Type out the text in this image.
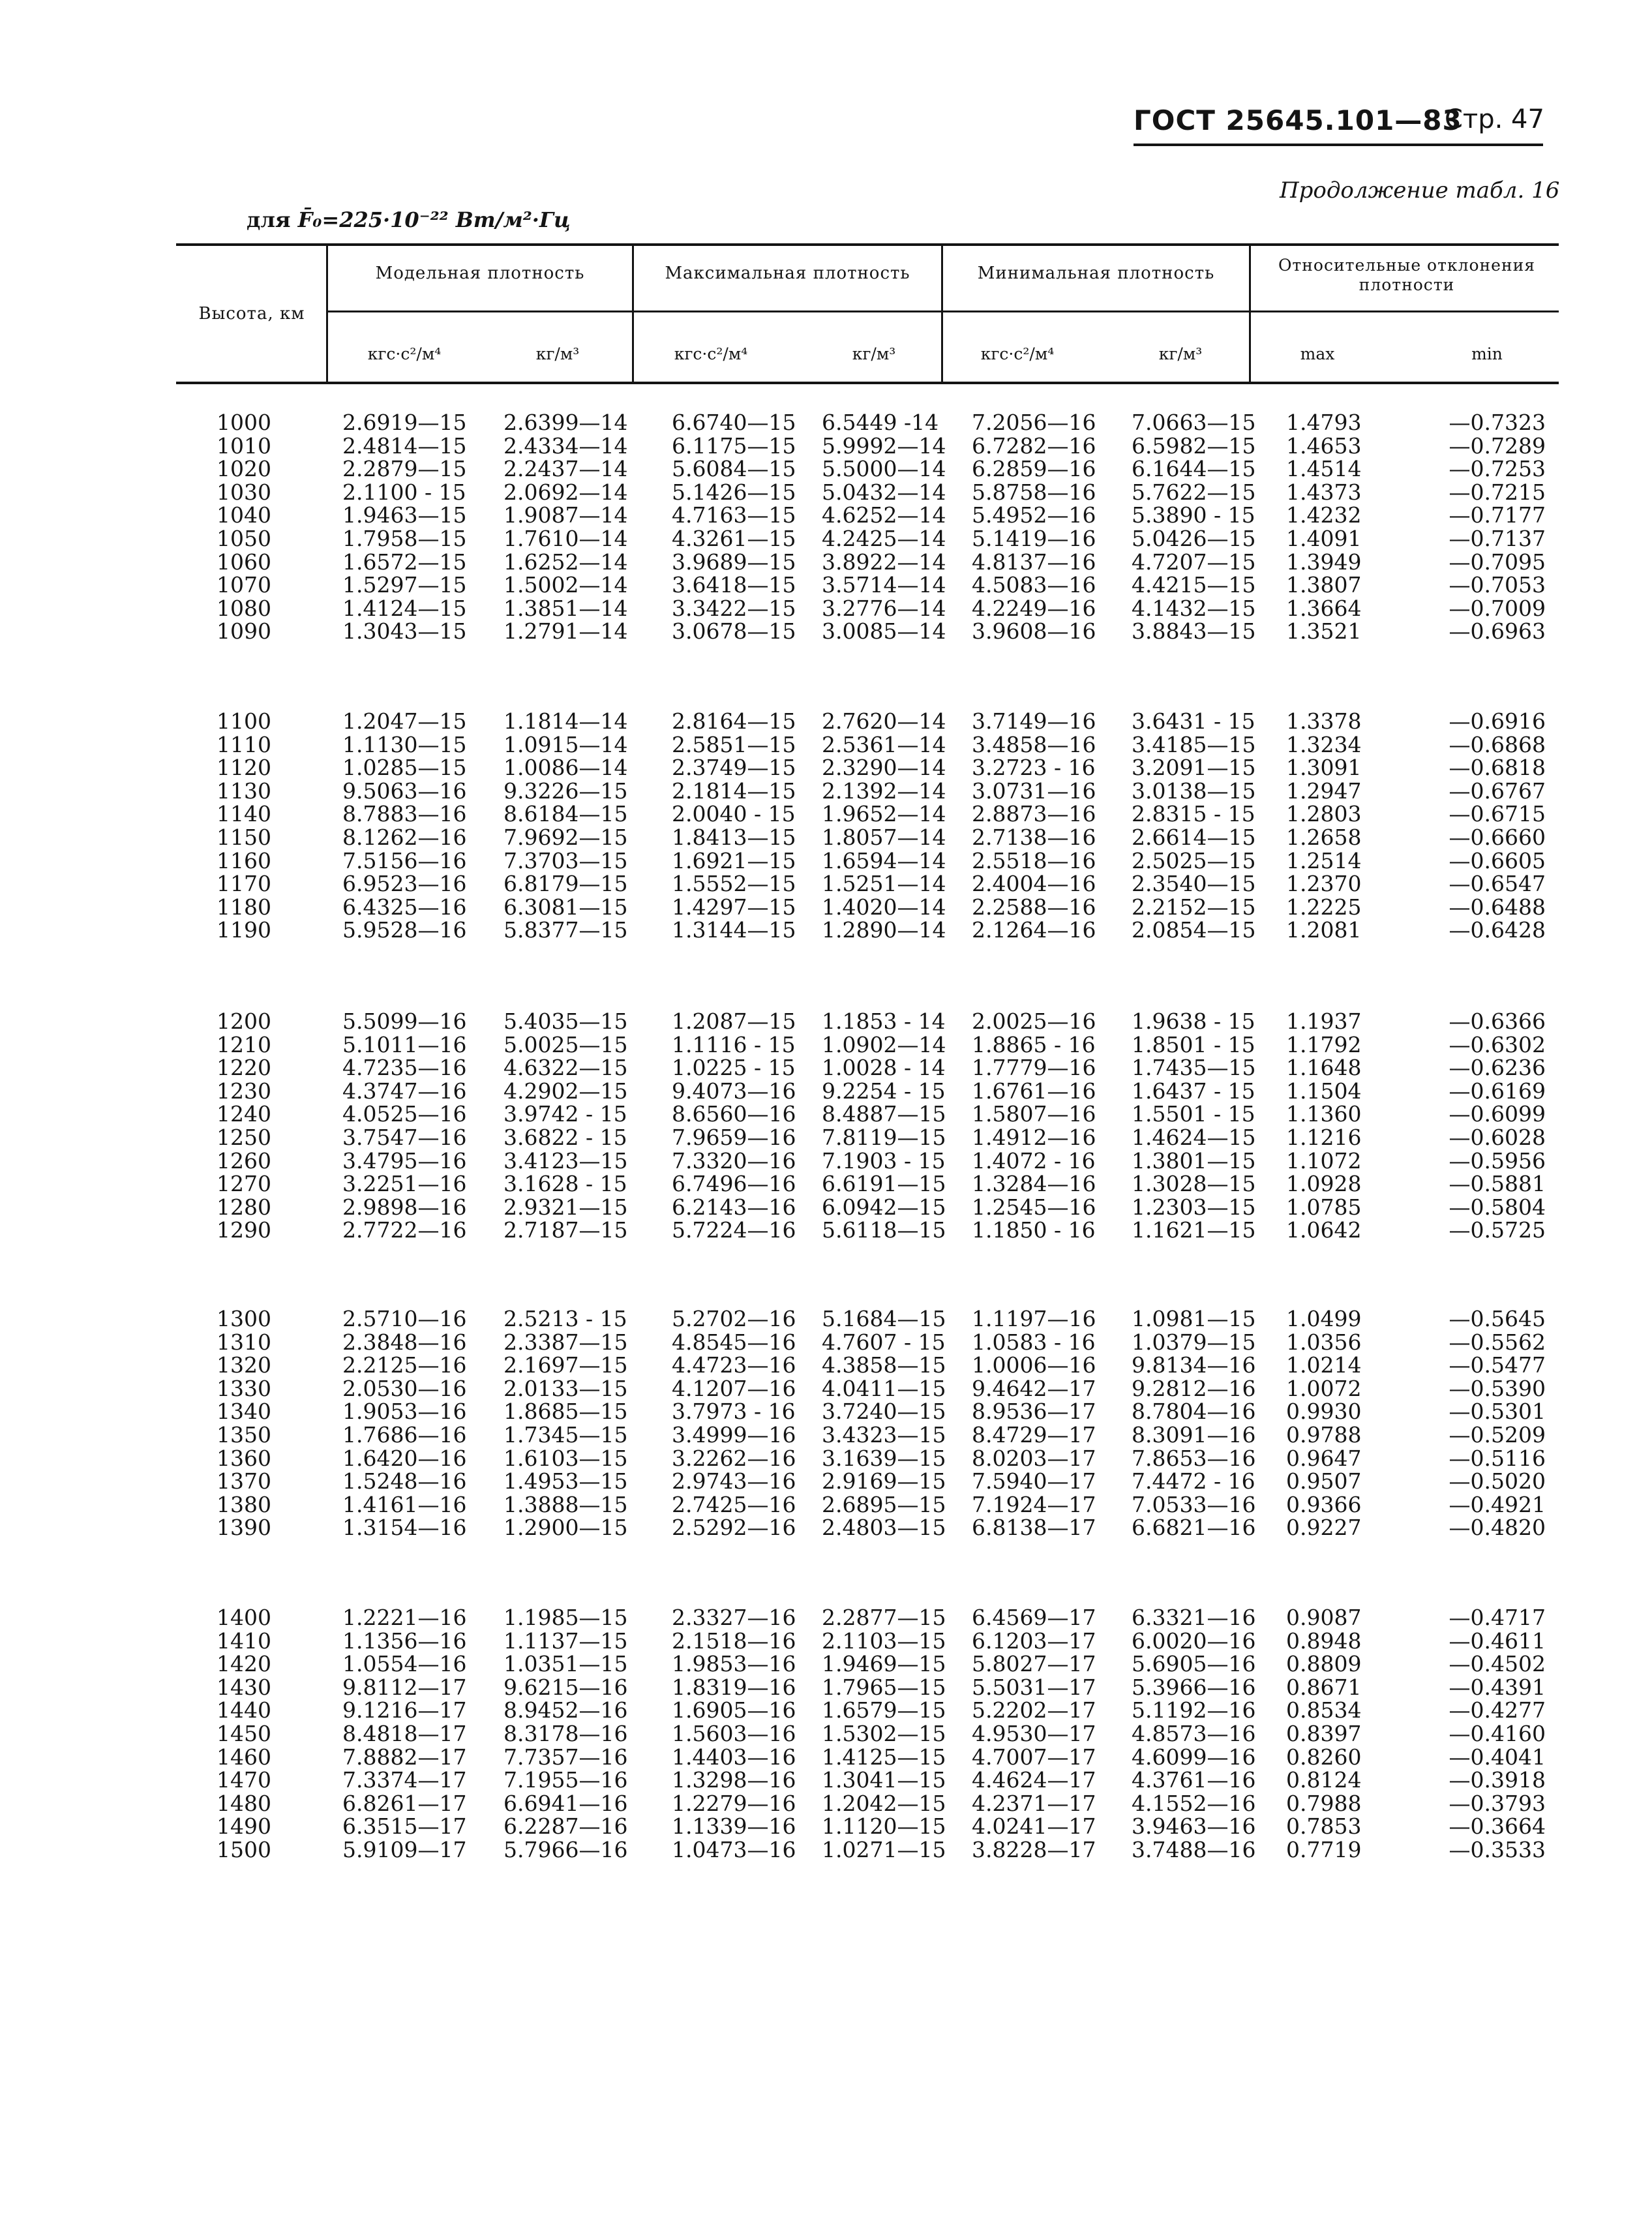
ГОСТ 25645.101—83
Стр. 47
Продолжение табл. 16
для F̄₀=225·10⁻²² Вт/м²·Гц
Высота, км
Модельная плотность	Максимальная плотность	Минимальная плотность	Относительные отклонения плотности
кгс·с²/м⁴	кг/м³	кгс·с²/м⁴	кг/м³	кгс·с²/м⁴	кг/м³	max	min
1000	2.6919—15 2.6399—14 6.6740—15 6.5449 -14 7.2056—16 7.0663—15 1.4793	—0.7323
1010	2.4814—15 2.4334—14 6.1175—15 5.9992—14 6.7282—16 6.5982—15 1.4653	—0.7289
1020	2.2879—15 2.2437—14 5.6084—15 5.5000—14 6.2859—16 6.1644—15 1.4514	—0.7253
1030	2.1100 - 15 2.0692—14 5.1426—15 5.0432—14 5.8758—16 5.7622—15 1.4373	—0.7215
1040	1.9463—15 1.9087—14 4.7163—15 4.6252—14 5.4952—16 5.3890 - 15 1.4232	—0.7177
1050	1.7958—15 1.7610—14 4.3261—15 4.2425—14 5.1419—16 5.0426—15 1.4091	—0.7137
1060	1.6572—15 1.6252—14 3.9689—15 3.8922—14 4.8137—16 4.7207—15 1.3949	—0.7095
1070	1.5297—15 1.5002—14 3.6418—15 3.5714—14 4.5083—16 4.4215—15 1.3807	—0.7053
1080	1.4124—15 1.3851—14 3.3422—15 3.2776—14 4.2249—16 4.1432—15 1.3664	—0.7009
1090	1.3043—15 1.2791—14 3.0678—15 3.0085—14 3.9608—16 3.8843—15 1.3521	—0.6963
1100	1.2047—15 1.1814—14 2.8164—15 2.7620—14 3.7149—16 3.6431 - 15 1.3378	—0.6916
1110	1.1130—15 1.0915—14 2.5851—15 2.5361—14 3.4858—16 3.4185—15 1.3234	—0.6868
1120	1.0285—15 1.0086—14 2.3749—15 2.3290—14 3.2723 - 16 3.2091—15 1.3091	—0.6818
1130	9.5063—16 9.3226—15 2.1814—15 2.1392—14 3.0731—16 3.0138—15 1.2947	—0.6767
1140	8.7883—16 8.6184—15 2.0040 - 15 1.9652—14 2.8873—16 2.8315 - 15 1.2803	—0.6715
1150	8.1262—16 7.9692—15 1.8413—15 1.8057—14 2.7138—16 2.6614—15 1.2658	—0.6660
1160	7.5156—16 7.3703—15 1.6921—15 1.6594—14 2.5518—16 2.5025—15 1.2514	—0.6605
1170	6.9523—16 6.8179—15 1.5552—15 1.5251—14 2.4004—16 2.3540—15 1.2370	—0.6547
1180	6.4325—16 6.3081—15 1.4297—15 1.4020—14 2.2588—16 2.2152—15 1.2225	—0.6488
1190	5.9528—16 5.8377—15 1.3144—15 1.2890—14 2.1264—16 2.0854—15 1.2081	—0.6428
1200	5.5099—16 5.4035—15 1.2087—15 1.1853 - 14 2.0025—16 1.9638 - 15 1.1937	—0.6366
1210	5.1011—16 5.0025—15 1.1116 - 15 1.0902—14 1.8865 - 16 1.8501 - 15 1.1792	—0.6302
1220	4.7235—16 4.6322—15 1.0225 - 15 1.0028 - 14 1.7779—16 1.7435—15 1.1648	—0.6236
1230	4.3747—16 4.2902—15 9.4073—16 9.2254 - 15 1.6761—16 1.6437 - 15 1.1504	—0.6169
1240	4.0525—16 3.9742 - 15 8.6560—16 8.4887—15 1.5807—16 1.5501 - 15 1.1360	—0.6099
1250	3.7547—16 3.6822 - 15 7.9659—16 7.8119—15 1.4912—16 1.4624—15 1.1216	—0.6028
1260	3.4795—16 3.4123—15 7.3320—16 7.1903 - 15 1.4072 - 16 1.3801—15 1.1072	—0.5956
1270	3.2251—16 3.1628 - 15 6.7496—16 6.6191—15 1.3284—16 1.3028—15 1.0928	—0.5881
1280	2.9898—16 2.9321—15 6.2143—16 6.0942—15 1.2545—16 1.2303—15 1.0785	—0.5804
1290	2.7722—16 2.7187—15 5.7224—16 5.6118—15 1.1850 - 16 1.1621—15 1.0642	—0.5725
1300	2.5710—16 2.5213 - 15 5.2702—16 5.1684—15 1.1197—16 1.0981—15 1.0499	—0.5645
1310	2.3848—16 2.3387—15 4.8545—16 4.7607 - 15 1.0583 - 16 1.0379—15 1.0356	—0.5562
1320	2.2125—16 2.1697—15 4.4723—16 4.3858—15 1.0006—16 9.8134—16 1.0214	—0.5477
1330	2.0530—16 2.0133—15 4.1207—16 4.0411—15 9.4642—17 9.2812—16 1.0072	—0.5390
1340	1.9053—16 1.8685—15 3.7973 - 16 3.7240—15 8.9536—17 8.7804—16 0.9930	—0.5301
1350	1.7686—16 1.7345—15 3.4999—16 3.4323—15 8.4729—17 8.3091—16 0.9788	—0.5209
1360	1.6420—16 1.6103—15 3.2262—16 3.1639—15 8.0203—17 7.8653—16 0.9647	—0.5116
1370	1.5248—16 1.4953—15 2.9743—16 2.9169—15 7.5940—17 7.4472 - 16 0.9507	—0.5020
1380	1.4161—16 1.3888—15 2.7425—16 2.6895—15 7.1924—17 7.0533—16 0.9366	—0.4921
1390	1.3154—16 1.2900—15 2.5292—16 2.4803—15 6.8138—17 6.6821—16 0.9227	—0.4820
1400	1.2221—16 1.1985—15 2.3327—16 2.2877—15 6.4569—17 6.3321—16 0.9087	—0.4717
1410	1.1356—16 1.1137—15 2.1518—16 2.1103—15 6.1203—17 6.0020—16 0.8948	—0.4611
1420	1.0554—16 1.0351—15 1.9853—16 1.9469—15 5.8027—17 5.6905—16 0.8809	—0.4502
1430	9.8112—17 9.6215—16 1.8319—16 1.7965—15 5.5031—17 5.3966—16 0.8671	—0.4391
1440	9.1216—17 8.9452—16 1.6905—16 1.6579—15 5.2202—17 5.1192—16 0.8534	—0.4277
1450	8.4818—17 8.3178—16 1.5603—16 1.5302—15 4.9530—17 4.8573—16 0.8397	—0.4160
1460	7.8882—17 7.7357—16 1.4403—16 1.4125—15 4.7007—17 4.6099—16 0.8260	—0.4041
1470	7.3374—17 7.1955—16 1.3298—16 1.3041—15 4.4624—17 4.3761—16 0.8124	—0.3918
1480	6.8261—17 6.6941—16 1.2279—16 1.2042—15 4.2371—17 4.1552—16 0.7988	—0.3793
1490	6.3515—17 6.2287—16 1.1339—16 1.1120—15 4.0241—17 3.9463—16 0.7853	—0.3664
1500	5.9109—17 5.7966—16 1.0473—16 1.0271—15 3.8228—17 3.7488—16 0.7719	—0.3533
